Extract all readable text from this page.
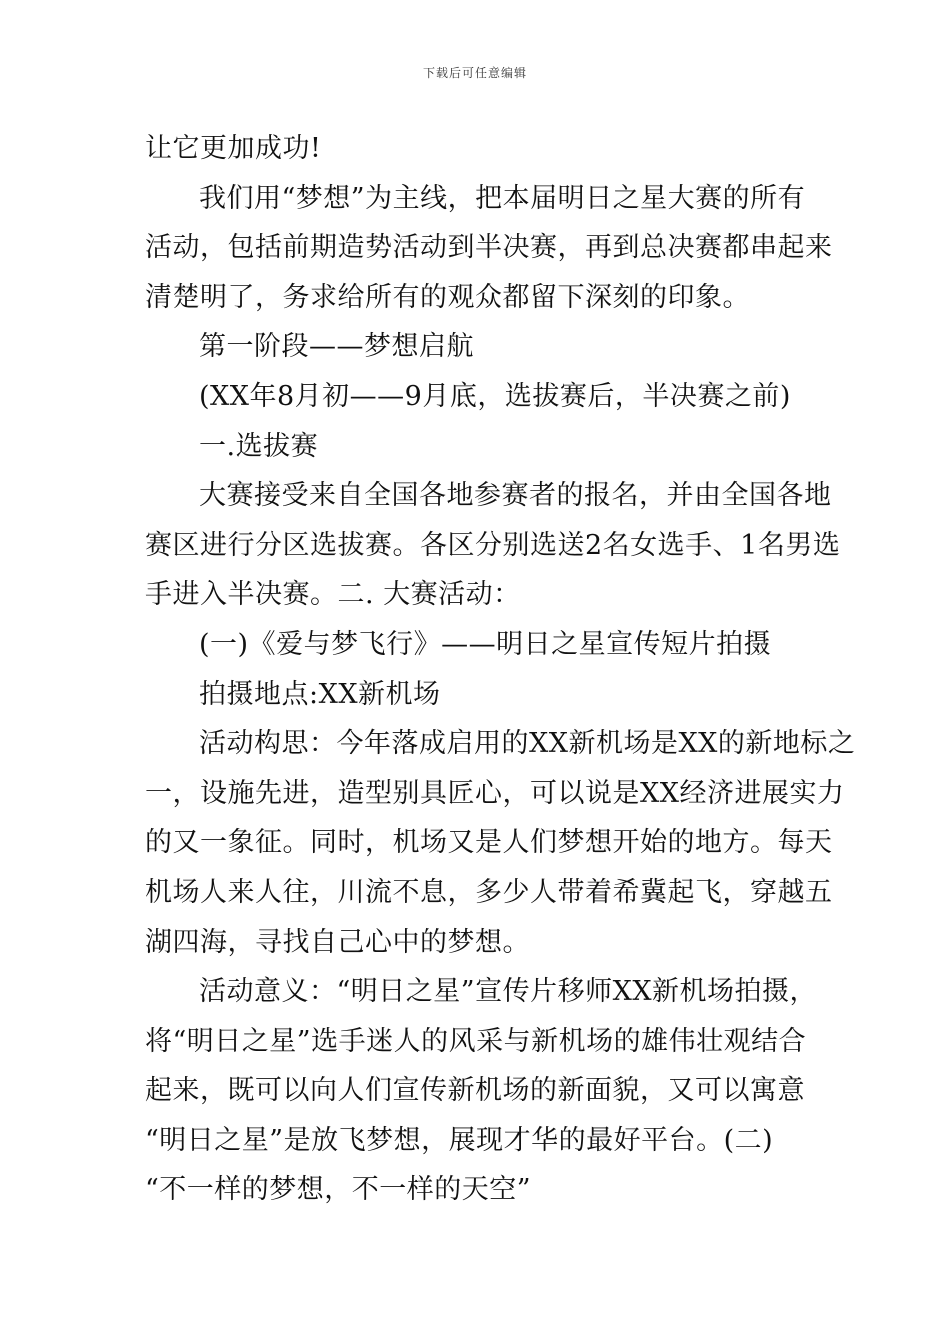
下载后可任意编辑
让它更加成功!
我们用“梦想”为主线，把本届明日之星大赛的所有
活动，包括前期造势活动到半决赛，再到总决赛都串起来
清楚明了，务求给所有的观众都留下深刻的印象。
第一阶段——梦想启航
(XX年8月初——9月底，选拔赛后，半决赛之前)
一.选拔赛
大赛接受来自全国各地参赛者的报名，并由全国各地
赛区进行分区选拔赛。各区分别选送2名女选手、1名男选
手进入半决赛。二. 大赛活动：
(一)《爱与梦飞行》——明日之星宣传短片拍摄
拍摄地点:XX新机场
活动构思：今年落成启用的XX新机场是XX的新地标之
一，设施先进，造型别具匠心，可以说是XX经济进展实力
的又一象征。同时，机场又是人们梦想开始的地方。每天
机场人来人往，川流不息，多少人带着希冀起飞，穿越五
湖四海，寻找自己心中的梦想。
活动意义：“明日之星”宣传片移师XX新机场拍摄，
将“明日之星”选手迷人的风采与新机场的雄伟壮观结合
起来，既可以向人们宣传新机场的新面貌，又可以寓意
“明日之星”是放飞梦想，展现才华的最好平台。(二)
“不一样的梦想，不一样的天空”
